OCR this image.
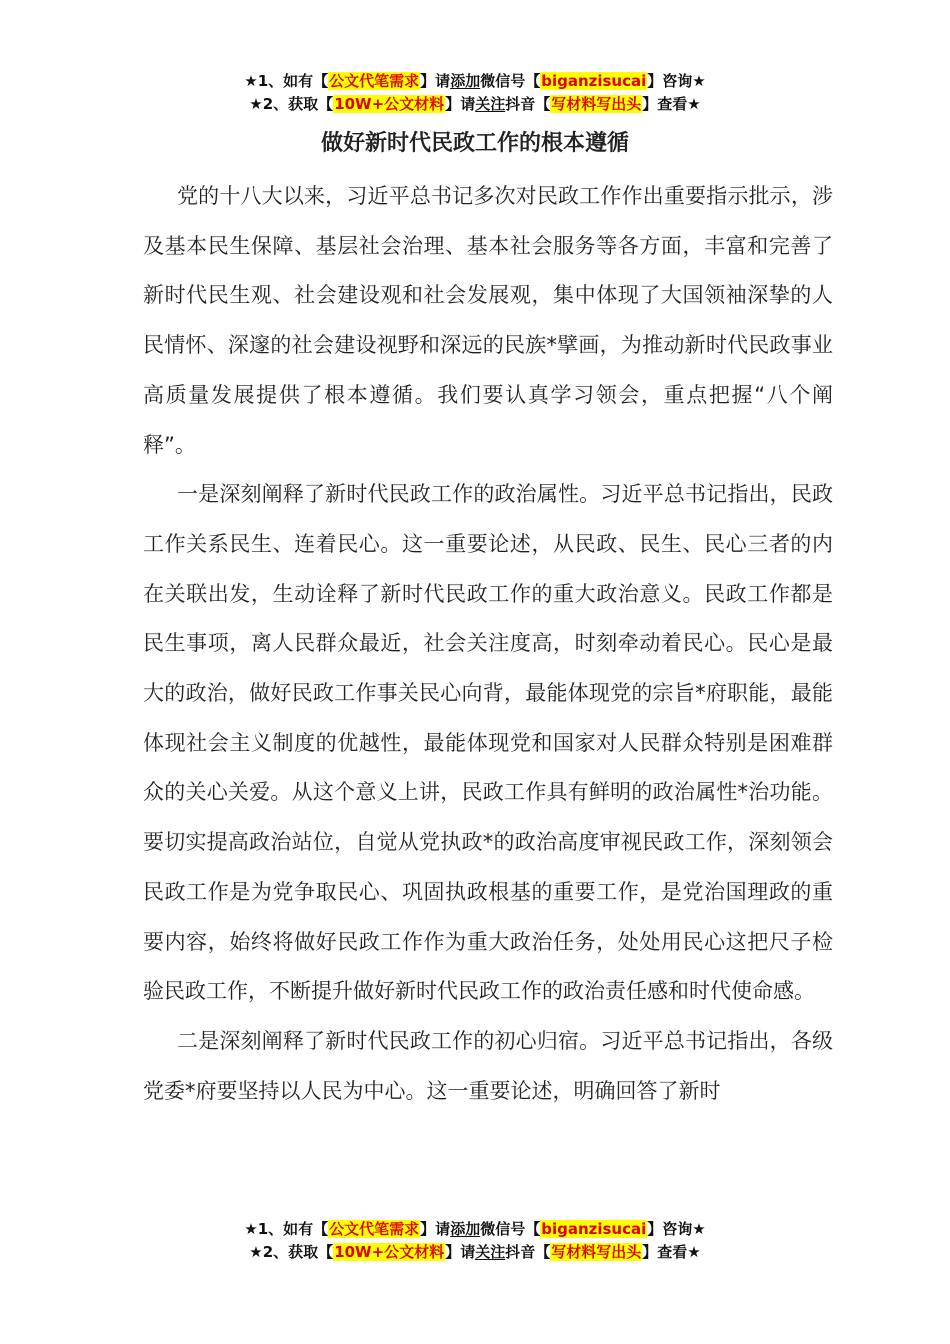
★1、如有【公文代笔需求】请添加微信号【biganzisucai】咨询★
★2、获取【10W+公文材料】请关注抖音【写材料写出头】查看★
做好新时代民政工作的根本遵循

党的十八大以来，习近平总书记多次对民政工作作出重要指示批示，涉及基本民生保障、基层社会治理、基本社会服务等各方面，丰富和完善了新时代民生观、社会建设观和社会发展观，集中体现了大国领袖深挚的人民情怀、深邃的社会建设视野和深远的民族*擘画，为推动新时代民政事业高质量发展提供了根本遵循。我们要认真学习领会，重点把握“八个阐释”。

一是深刻阐释了新时代民政工作的政治属性。习近平总书记指出，民政工作关系民生、连着民心。这一重要论述，从民政、民生、民心三者的内在关联出发，生动诠释了新时代民政工作的重大政治意义。民政工作都是民生事项，离人民群众最近，社会关注度高，时刻牵动着民心。民心是最大的政治，做好民政工作事关民心向背，最能体现党的宗旨*府职能，最能体现社会主义制度的优越性，最能体现党和国家对人民群众特别是困难群众的关心关爱。从这个意义上讲，民政工作具有鲜明的政治属性*治功能。要切实提高政治站位，自觉从党执政*的政治高度审视民政工作，深刻领会民政工作是为党争取民心、巩固执政根基的重要工作，是党治国理政的重要内容，始终将做好民政工作作为重大政治任务，处处用民心这把尺子检验民政工作，不断提升做好新时代民政工作的政治责任感和时代使命感。

二是深刻阐释了新时代民政工作的初心归宿。习近平总书记指出，各级党委*府要坚持以人民为中心。这一重要论述，明确回答了新时

★1、如有【公文代笔需求】请添加微信号【biganzisucai】咨询★
★2、获取【10W+公文材料】请关注抖音【写材料写出头】查看★
